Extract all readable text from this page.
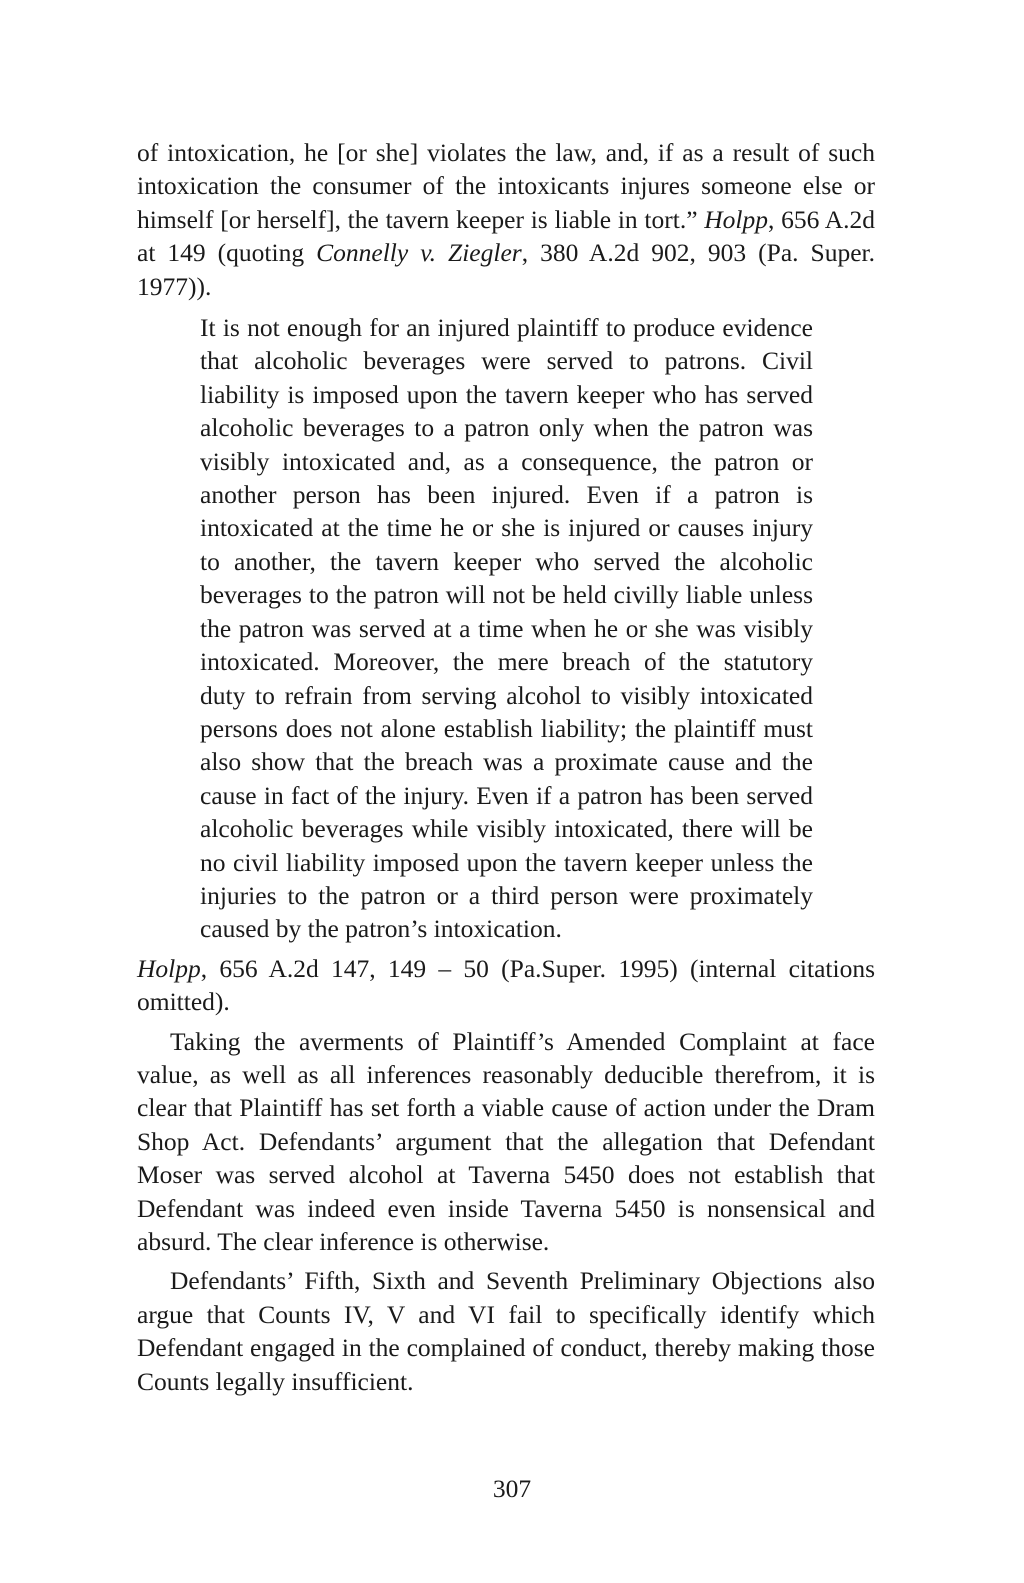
of intoxication, he [or she] violates the law, and, if as a result of such intoxication the consumer of the intoxicants injures someone else or himself [or herself], the tavern keeper is liable in tort.” Holpp, 656 A.2d at 149 (quoting Connelly v. Ziegler, 380 A.2d 902, 903 (Pa. Super. 1977)).

It is not enough for an injured plaintiff to produce evidence that alcoholic beverages were served to patrons. Civil liability is imposed upon the tavern keeper who has served alcoholic beverages to a patron only when the patron was visibly intoxicated and, as a consequence, the patron or another person has been injured. Even if a patron is intoxicated at the time he or she is injured or causes injury to another, the tavern keeper who served the alcoholic beverages to the patron will not be held civilly liable unless the patron was served at a time when he or she was visibly intoxicated. Moreover, the mere breach of the statutory duty to refrain from serving alcohol to visibly intoxicated persons does not alone establish liability; the plaintiff must also show that the breach was a proximate cause and the cause in fact of the injury. Even if a patron has been served alcoholic beverages while visibly intoxicated, there will be no civil liability imposed upon the tavern keeper unless the injuries to the patron or a third person were proximately caused by the patron’s intoxication.

Holpp, 656 A.2d 147, 149 – 50 (Pa.Super. 1995) (internal citations omitted).

Taking the averments of Plaintiff’s Amended Complaint at face value, as well as all inferences reasonably deducible therefrom, it is clear that Plaintiff has set forth a viable cause of action under the Dram Shop Act. Defendants’ argument that the allegation that Defendant Moser was served alcohol at Taverna 5450 does not establish that Defendant was indeed even inside Taverna 5450 is nonsensical and absurd. The clear inference is otherwise.

Defendants’ Fifth, Sixth and Seventh Preliminary Objections also argue that Counts IV, V and VI fail to specifically identify which Defendant engaged in the complained of conduct, thereby making those Counts legally insufficient.

307
